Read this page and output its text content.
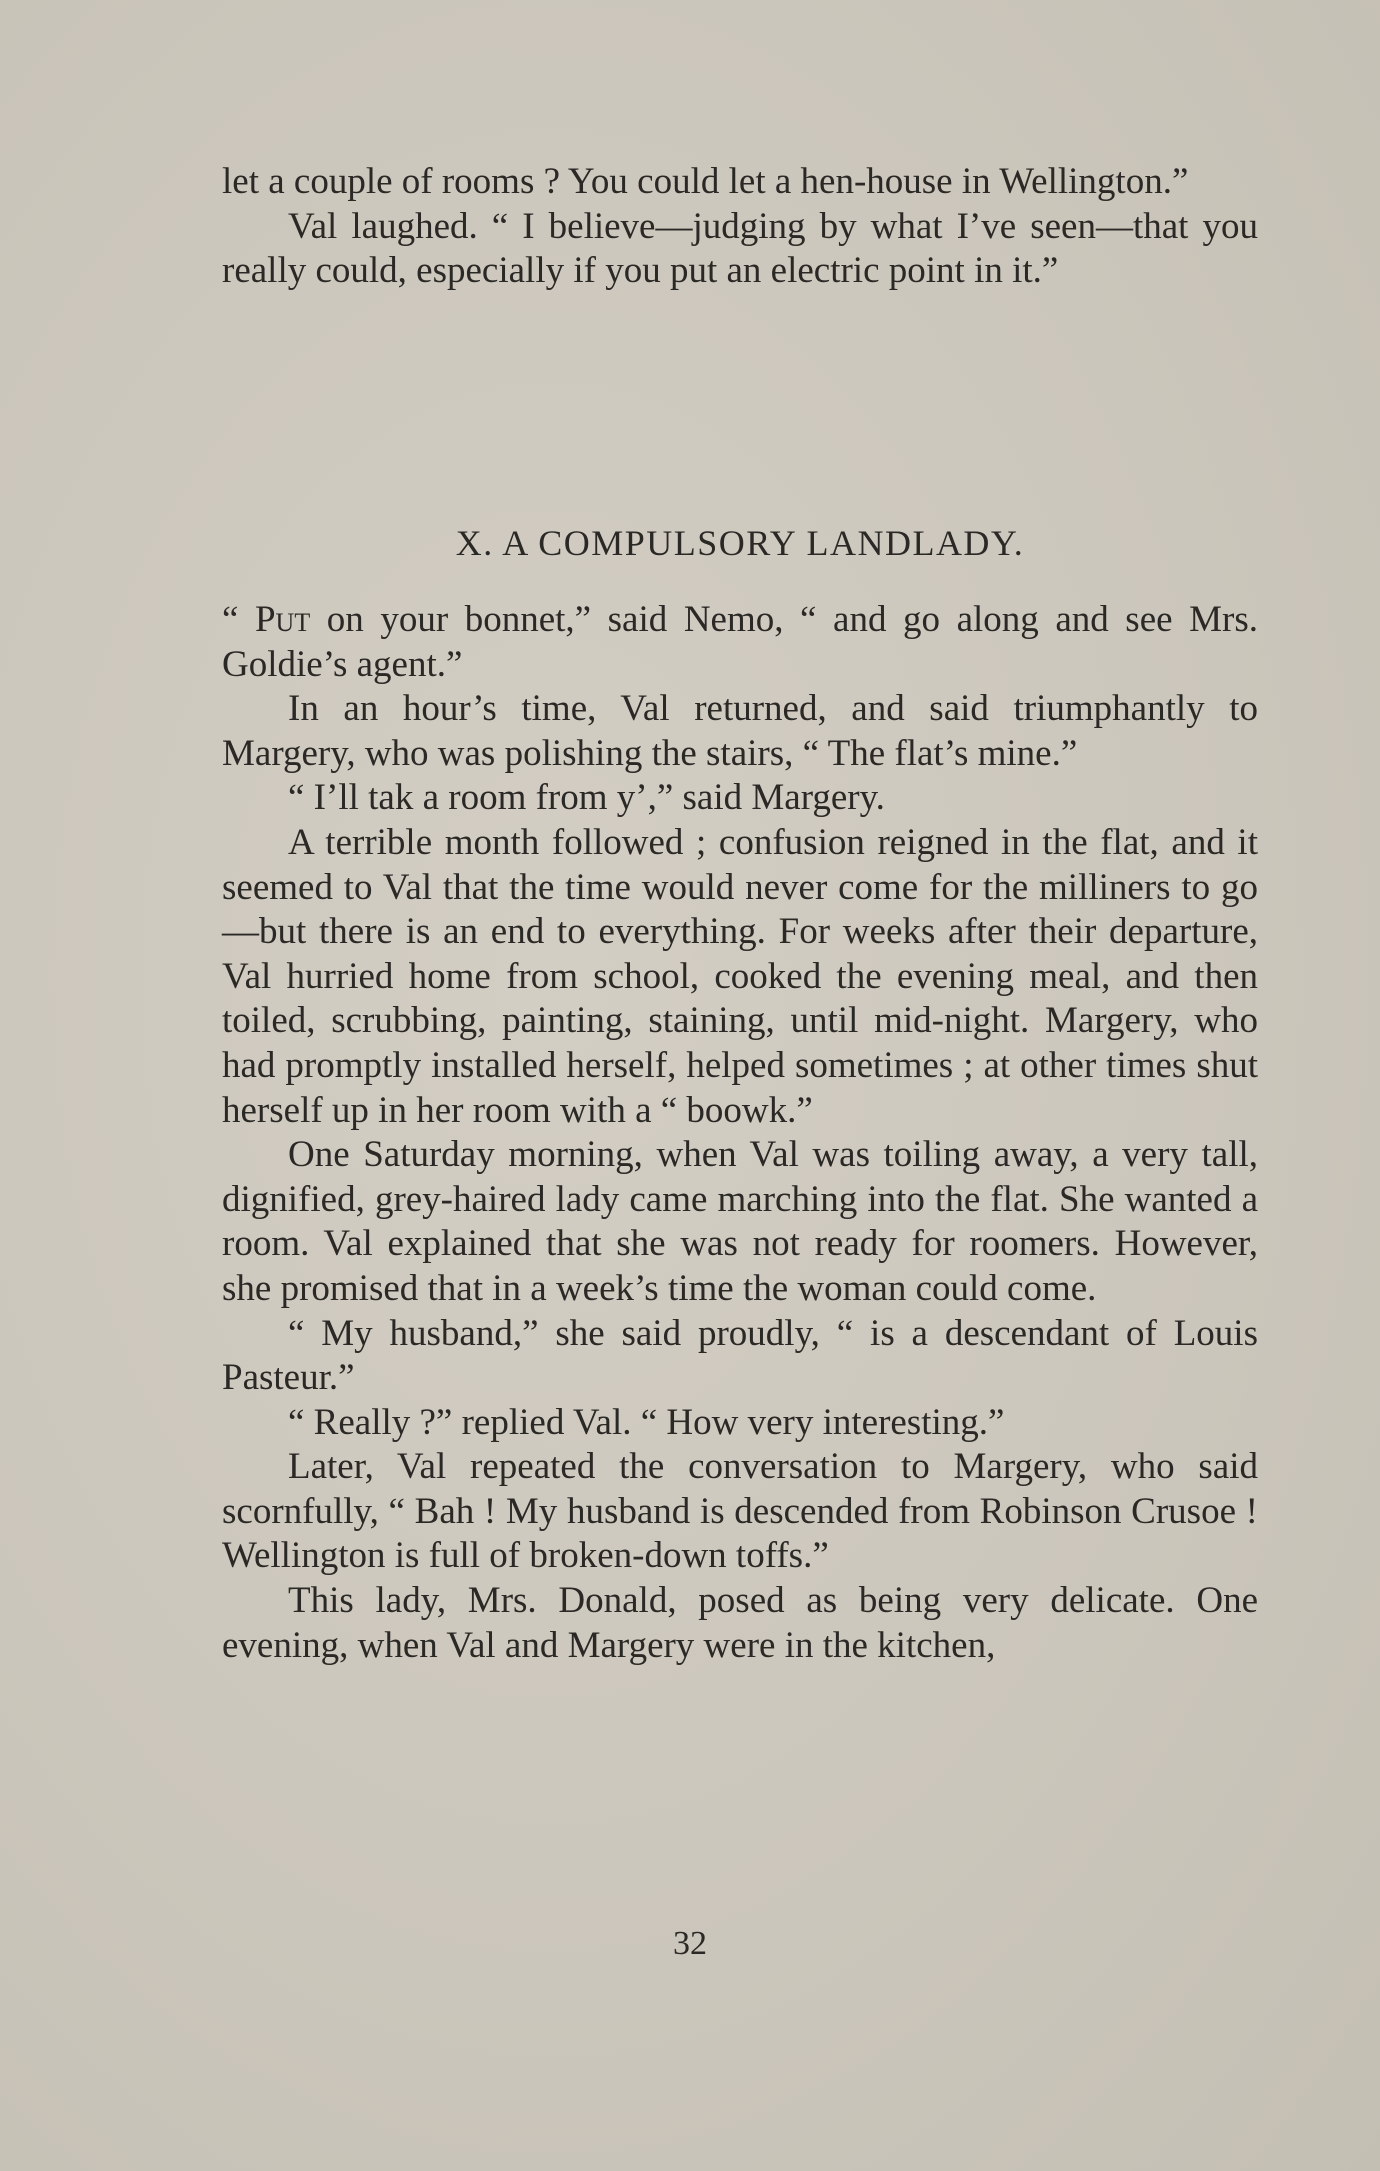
let a couple of rooms ? You could let a hen-house in Wellington.”

Val laughed. “ I believe—judging by what I’ve seen—that you really could, especially if you put an electric point in it.”

X. A COMPULSORY LANDLADY.

“ Put on your bonnet,” said Nemo, “ and go along and see Mrs. Goldie’s agent.”

In an hour’s time, Val returned, and said triumphantly to Margery, who was polishing the stairs, “ The flat’s mine.”

“ I’ll tak a room from y’,” said Margery.

A terrible month followed ; confusion reigned in the flat, and it seemed to Val that the time would never come for the milliners to go—but there is an end to everything. For weeks after their departure, Val hurried home from school, cooked the evening meal, and then toiled, scrubbing, painting, staining, until mid-night. Margery, who had promptly installed herself, helped sometimes ; at other times shut herself up in her room with a “ boowk.”

One Saturday morning, when Val was toiling away, a very tall, dignified, grey-haired lady came marching into the flat. She wanted a room. Val explained that she was not ready for roomers. However, she promised that in a week’s time the woman could come.

“ My husband,” she said proudly, “ is a descendant of Louis Pasteur.”

“ Really ?” replied Val. “ How very interesting.”

Later, Val repeated the conversation to Margery, who said scornfully, “ Bah ! My husband is descended from Robinson Crusoe ! Wellington is full of broken-down toffs.”

This lady, Mrs. Donald, posed as being very delicate. One evening, when Val and Margery were in the kitchen,

32
